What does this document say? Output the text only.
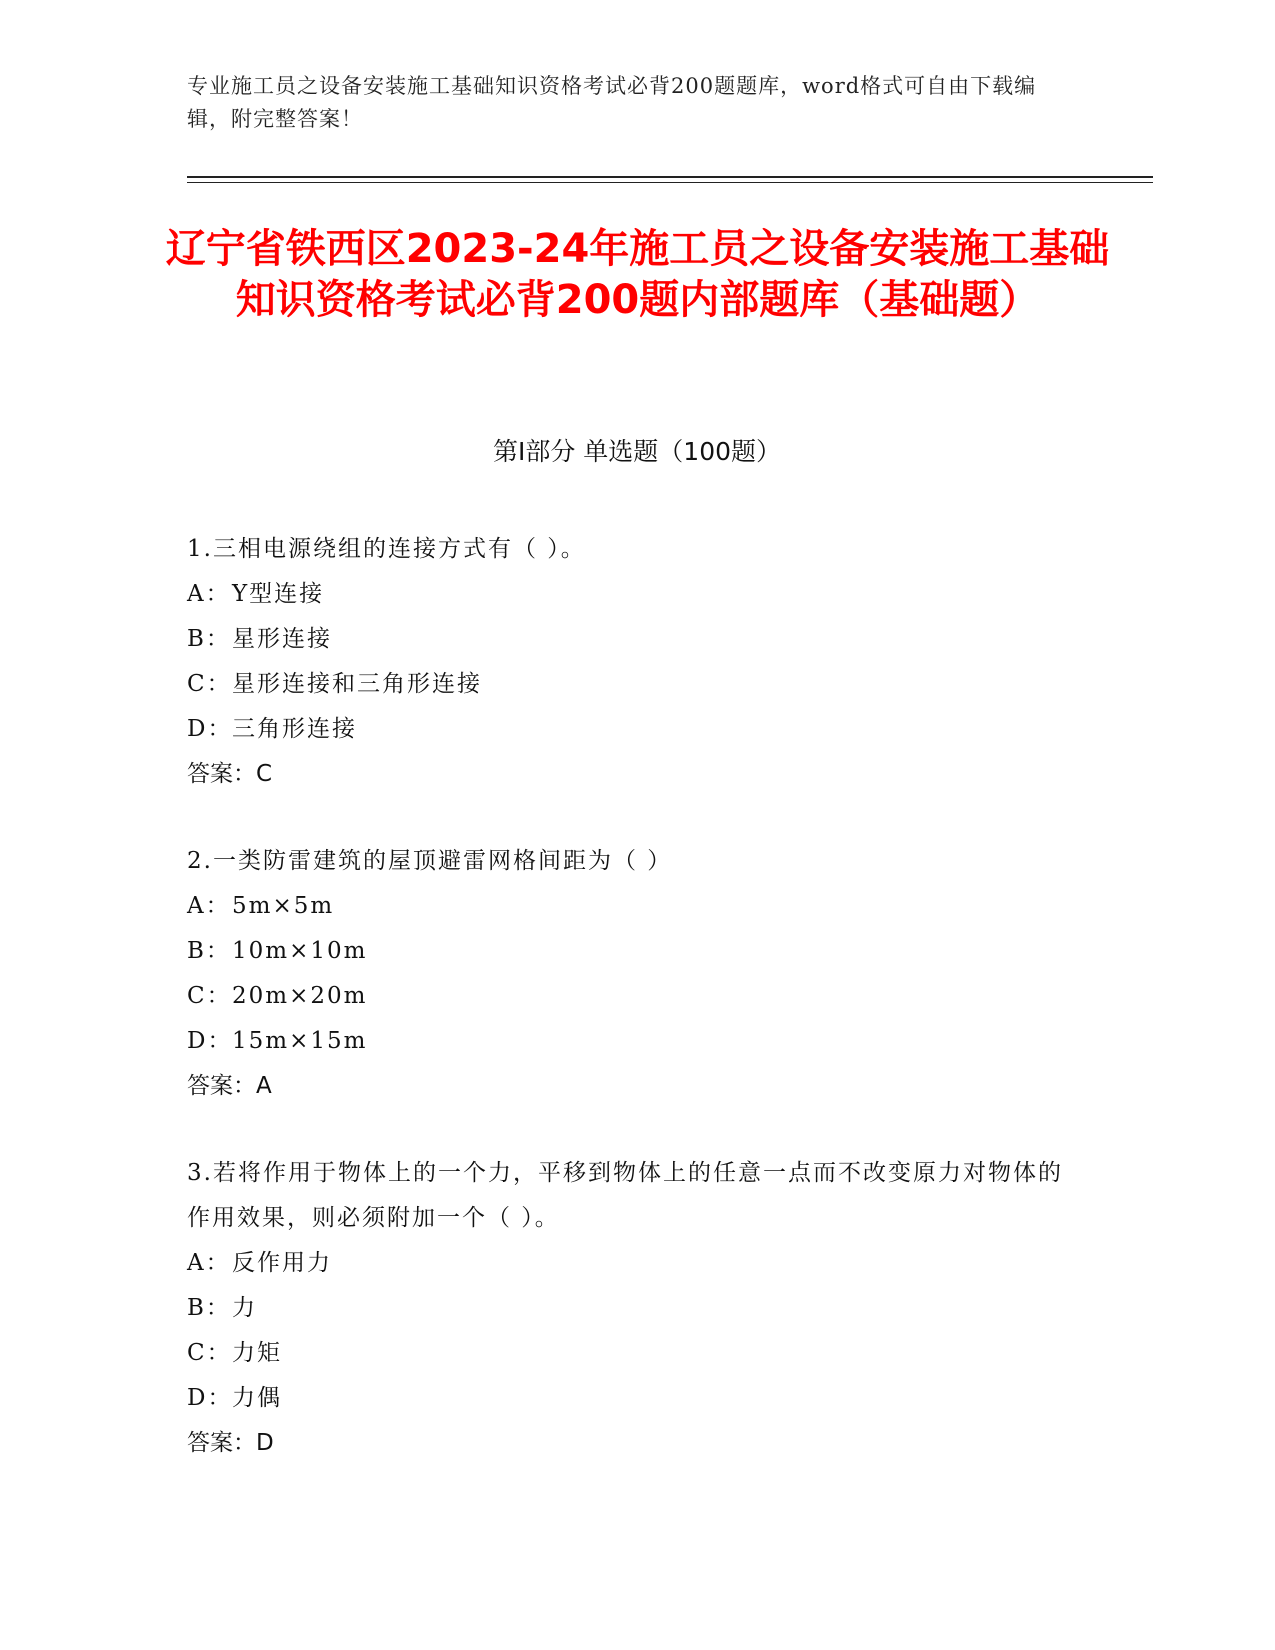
专业施工员之设备安装施工基础知识资格考试必背200题题库，word格式可自由下载编辑，附完整答案！
辽宁省铁西区2023-24年施工员之设备安装施工基础知识资格考试必背200题内部题库（基础题）
第Ⅰ部分 单选题（100题）
1.三相电源绕组的连接方式有（ ）。
A： Y型连接
B： 星形连接
C： 星形连接和三角形连接
D： 三角形连接
答案：C
2.一类防雷建筑的屋顶避雷网格间距为（ ）
A： 5m×5m
B： 10m×10m
C： 20m×20m
D： 15m×15m
答案：A
3.若将作用于物体上的一个力，平移到物体上的任意一点而不改变原力对物体的作用效果，则必须附加一个（ ）。
A： 反作用力
B： 力
C： 力矩
D： 力偶
答案：D
